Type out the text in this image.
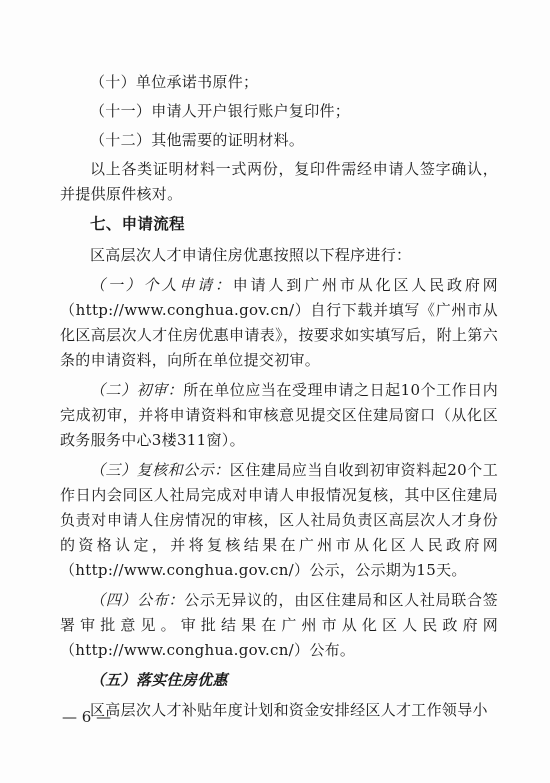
（十）单位承诺书原件；

（十一）申请人开户银行账户复印件；

（十二）其他需要的证明材料。

以上各类证明材料一式两份，复印件需经申请人签字确认，并提供原件核对。

七、申请流程

区高层次人才申请住房优惠按照以下程序进行：

（一）个人申请：申请人到广州市从化区人民政府网（http://www.conghua.gov.cn/）自行下载并填写《广州市从化区高层次人才住房优惠申请表》，按要求如实填写后，附上第六条的申请资料，向所在单位提交初审。

（二）初审：所在单位应当在受理申请之日起10个工作日内完成初审，并将申请资料和审核意见提交区住建局窗口（从化区政务服务中心3楼311窗）。

（三）复核和公示：区住建局应当自收到初审资料起20个工作日内会同区人社局完成对申请人申报情况复核，其中区住建局负责对申请人住房情况的审核，区人社局负责区高层次人才身份的资格认定，并将复核结果在广州市从化区人民政府网（http://www.conghua.gov.cn/）公示，公示期为15天。

（四）公布：公示无异议的，由区住建局和区人社局联合签署审批意见。审批结果在广州市从化区人民政府网（http://www.conghua.gov.cn/）公布。

（五）落实住房优惠

区高层次人才补贴年度计划和资金安排经区人才工作领导小

— 6 —
